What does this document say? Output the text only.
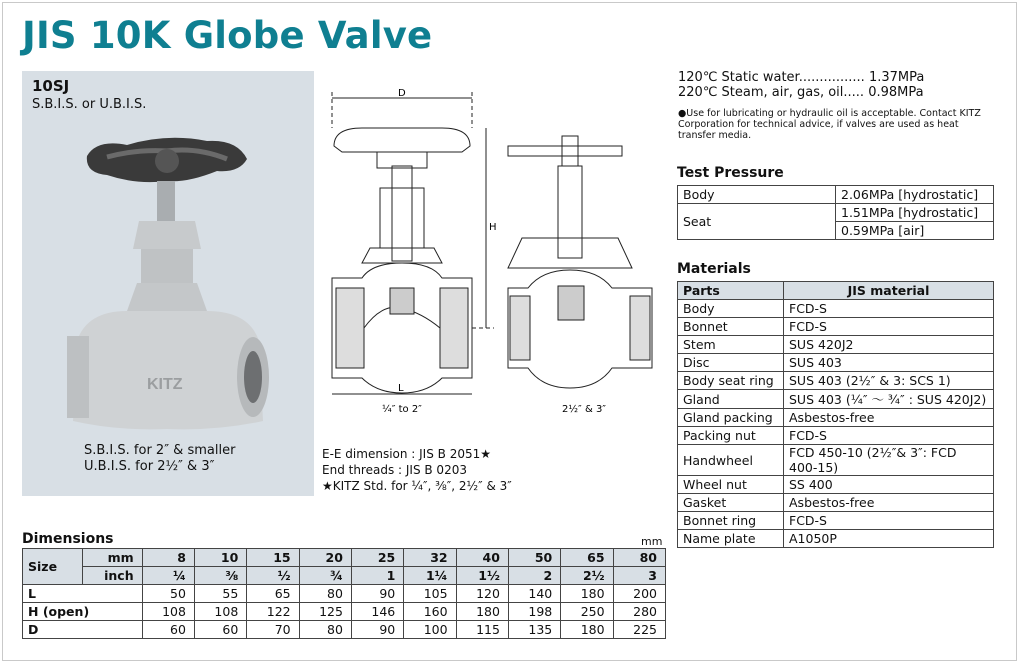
JIS 10K Globe Valve
10SJ
S.B.I.S. or U.B.I.S.
KITZ
S.B.I.S. for 2″ & smaller
U.B.I.S. for 2½″ & 3″
D
H
L
¼″ to 2″	2½″ & 3″
E-E dimension : JIS B 2051★
End threads : JIS B 0203
★KITZ Std. for ¼″, ⅜″, 2½″ & 3″
120℃ Static water................ 1.37MPa
220℃ Steam, air, gas, oil..... 0.98MPa
●Use for lubricating or hydraulic oil is acceptable. Contact KITZ Corporation for technical advice, if valves are used as heat transfer media.
Test Pressure
Body	2.06MPa [hydrostatic]
Seat	1.51MPa [hydrostatic]
	0.59MPa [air]
Materials
Parts	JIS material
Body	FCD-S
Bonnet	FCD-S
Stem	SUS 420J2
Disc	SUS 403
Body seat ring	SUS 403 (2½″ & 3: SCS 1)
Gland	SUS 403 (¼″ 〜 ¾″ : SUS 420J2)
Gland packing	Asbestos-free
Packing nut	FCD-S
Handwheel	FCD 450-10 (2½″& 3″: FCD 400-15)
Wheel nut	SS 400
Gasket	Asbestos-free
Bonnet ring	FCD-S
Name plate	A1050P
Dimensions	mm
Size	mm	8	10	15	20	25	32	40	50	65	80
	inch	¼	⅜	½	¾	1	1¼	1½	2	2½	3
L		50	55	65	80	90	105	120	140	180	200
H (open)		108	108	122	125	146	160	180	198	250	280
D		60	60	70	80	90	100	115	135	180	225
